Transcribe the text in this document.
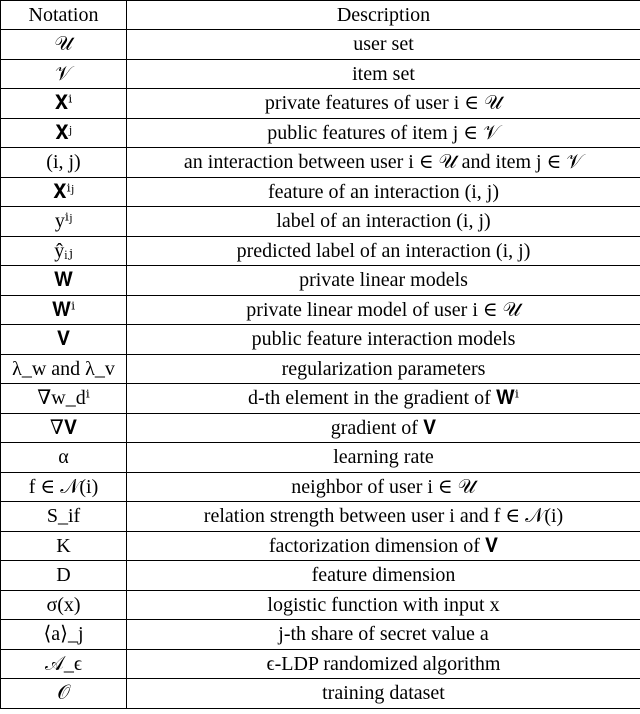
Notation	Description
𝒰	user set
𝒱	item set
𝐗ⁱ	private features of user i ∈ 𝒰
𝐗ʲ	public features of item j ∈ 𝒱
(i, j)	an interaction between user i ∈ 𝒰 and item j ∈ 𝒱
𝐗ⁱʲ	feature of an interaction (i, j)
yⁱʲ	label of an interaction (i, j)
ŷᵢⱼ	predicted label of an interaction (i, j)
𝐖	private linear models
𝐖ⁱ	private linear model of user i ∈ 𝒰
𝐕	public feature interaction models
λ_w and λ_v	regularization parameters
∇w_dⁱ	d-th element in the gradient of 𝐖ⁱ
∇𝐕	gradient of 𝐕
α	learning rate
f ∈ 𝒩(i)	neighbor of user i ∈ 𝒰
S_if	relation strength between user i and f ∈ 𝒩(i)
K	factorization dimension of 𝐕
D	feature dimension
σ(x)	logistic function with input x
⟨a⟩_j	j-th share of secret value a
𝒜_ϵ	ϵ-LDP randomized algorithm
𝒪	training dataset
